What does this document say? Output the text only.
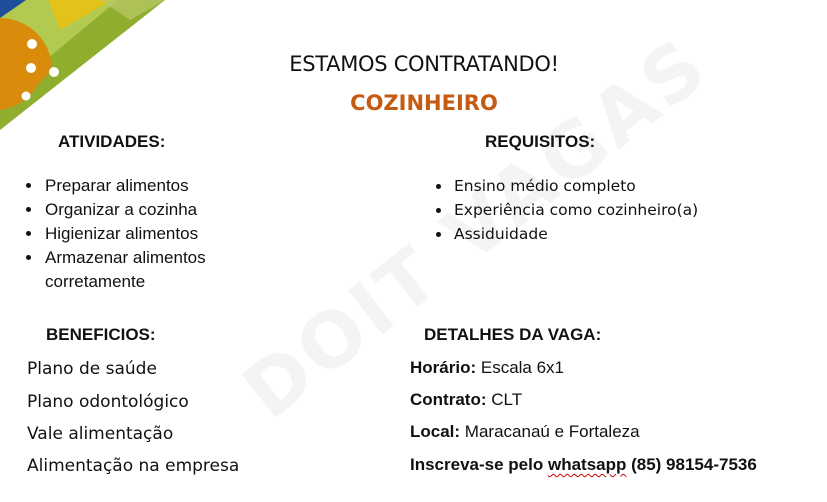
ESTAMOS CONTRATANDO!
COZINHEIRO
ATIVIDADES:
• Preparar alimentos
• Organizar a cozinha
• Higienizar alimentos
• Armazenar alimentos corretamente
REQUISITOS:
• Ensino médio completo
• Experiência como cozinheiro(a)
• Assiduidade
BENEFICIOS:
Plano de saúde
Plano odontológico
Vale alimentação
Alimentação na empresa
DETALHES DA VAGA:
Horário: Escala 6x1
Contrato: CLT
Local: Maracanaú e Fortaleza
Inscreva-se pelo whatsapp (85) 98154-7536
